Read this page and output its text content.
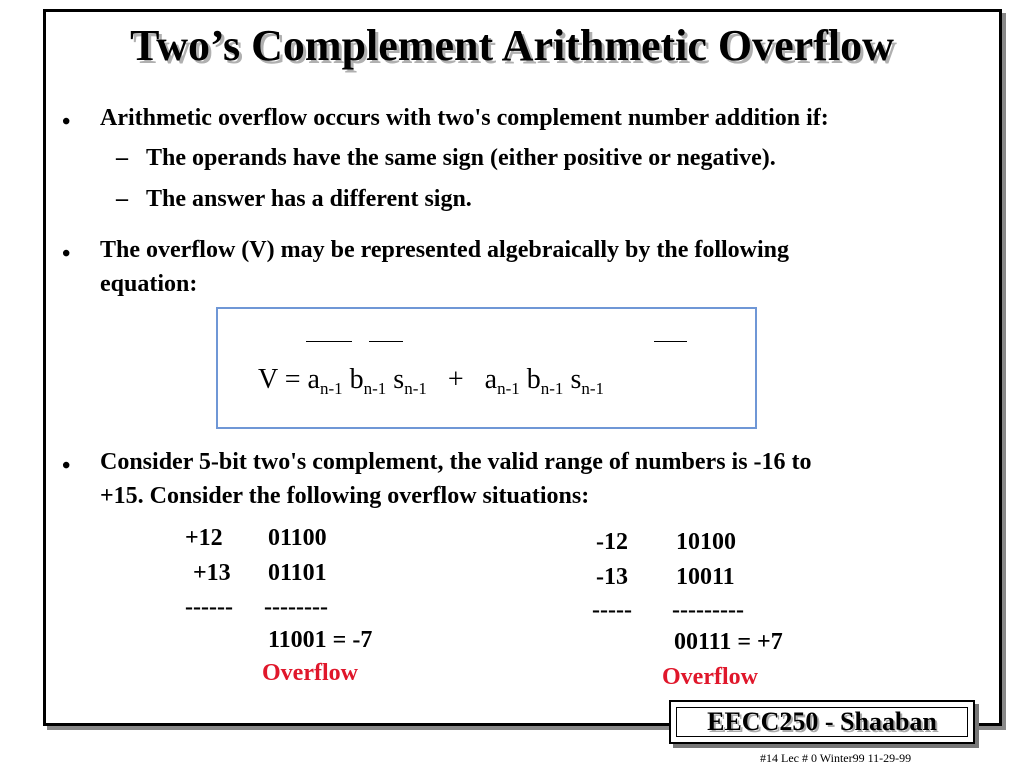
Two’s Complement Arithmetic Overflow
• Arithmetic overflow occurs with two's complement number addition if:
– The operands have the same sign (either positive or negative).
– The answer has a different sign.
• The overflow (V) may be represented algebraically by the following
equation:
$V = a_{n-1}$ $b_{n-1}$ $s_{n-1} + a_{n-1}$ $b_{n-1}$ $s_{n-1}$
• Consider 5-bit two's complement, the valid range of numbers is -16 to
+15. Consider the following overflow situations:
+12 01100
+13 01101
------ --------
11001 = -7
Overflow
-12 10100
-13 10011
----- ---------
00111 = +7
Overflow
EECC250 - Shaaban
#14 Lec # 0 Winter99 11-29-99
